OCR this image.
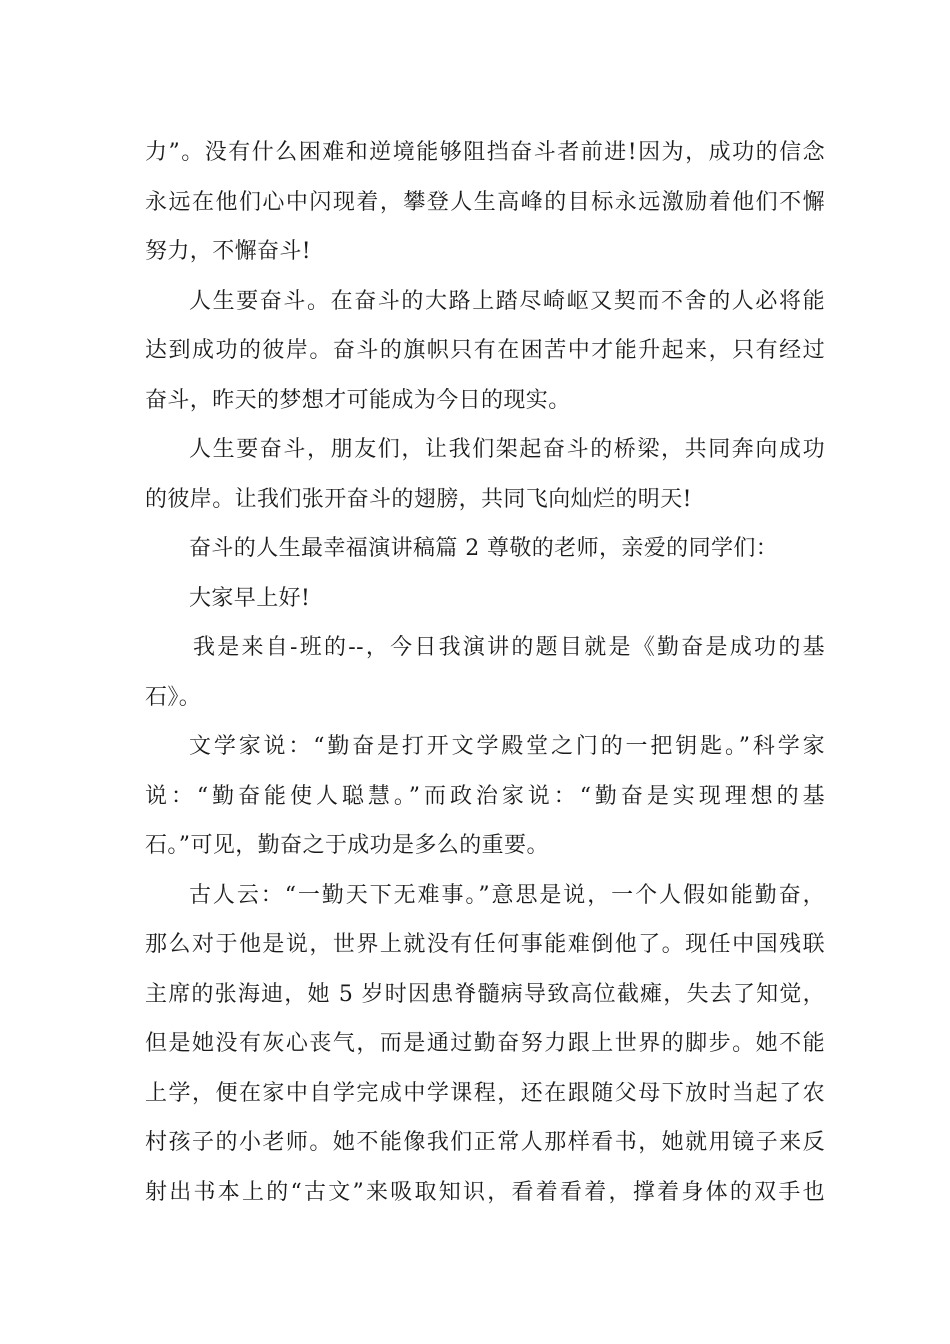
力”。没有什么困难和逆境能够阻挡奋斗者前进!因为，成功的信念
永远在他们心中闪现着，攀登人生高峰的目标永远激励着他们不懈
努力，不懈奋斗!
人生要奋斗。在奋斗的大路上踏尽崎岖又契而不舍的人必将能
达到成功的彼岸。奋斗的旗帜只有在困苦中才能升起来，只有经过
奋斗，昨天的梦想才可能成为今日的现实。
人生要奋斗，朋友们，让我们架起奋斗的桥梁，共同奔向成功
的彼岸。让我们张开奋斗的翅膀，共同飞向灿烂的明天!
奋斗的人生最幸福演讲稿篇 2 尊敬的老师，亲爱的同学们：
大家早上好!
我是来自-班的--，今日我演讲的题目就是《勤奋是成功的基
石》。
文学家说：“勤奋是打开文学殿堂之门的一把钥匙。”科学家
说：“勤奋能使人聪慧。”而政治家说：“勤奋是实现理想的基
石。”可见，勤奋之于成功是多么的重要。
古人云：“一勤天下无难事。”意思是说，一个人假如能勤奋，
那么对于他是说，世界上就没有任何事能难倒他了。现任中国残联
主席的张海迪，她 5 岁时因患脊髓病导致高位截瘫，失去了知觉，
但是她没有灰心丧气，而是通过勤奋努力跟上世界的脚步。她不能
上学，便在家中自学完成中学课程，还在跟随父母下放时当起了农
村孩子的小老师。她不能像我们正常人那样看书，她就用镜子来反
射出书本上的“古文”来吸取知识，看着看着，撑着身体的双手也
